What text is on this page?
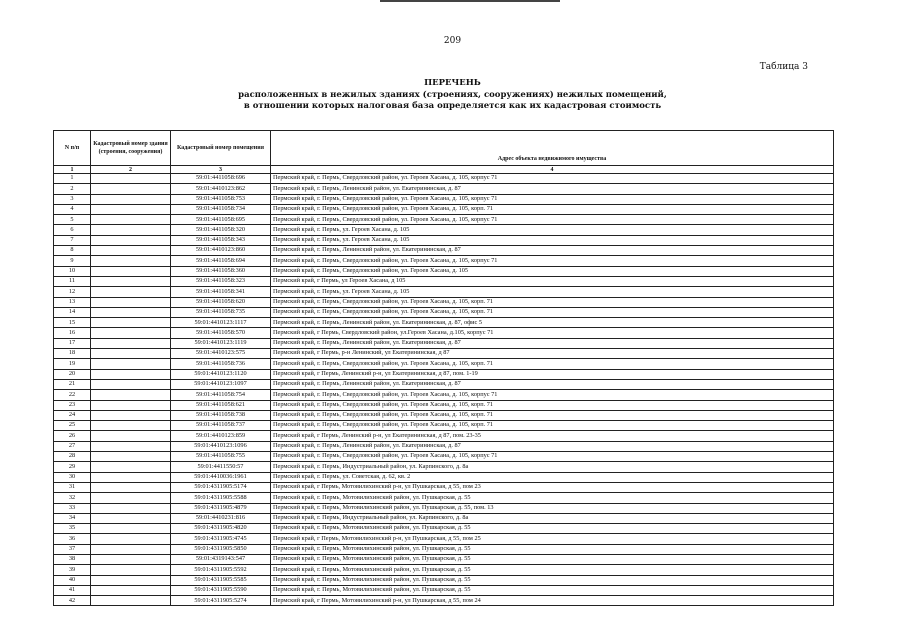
209
Таблица 3
ПЕРЕЧЕНЬ
расположенных в нежилых зданиях (строениях, сооружениях) нежилых помещений,
в отношении которых налоговая база определяется как их кадастровая стоимость
N п/п	Кадастровый номер здания (строения, сооружения)	Кадастровый номер помещения	Адрес объекта недвижимого имущества
1	2	3	4
1		59:01:4411058:696	Пермский край, г. Пермь, Свердловский район, ул. Героев Хасана, д. 105, корпус 71
2		59:01:4410123:862	Пермский край, г. Пермь, Ленинский район, ул. Екатерининская, д. 87
3		59:01:4411058:753	Пермский край, г. Пермь, Свердловский район, ул. Героев Хасана, д. 105, корпус 71
4		59:01:4411058:734	Пермский край, г. Пермь, Свердловский район, ул. Героев Хасана, д. 105, корп. 71
5		59:01:4411058:695	Пермский край, г. Пермь, Свердловский район, ул. Героев Хасана, д. 105, корпус 71
6		59:01:4411058:320	Пермский край, г. Пермь, ул. Героев Хасана, д. 105
7		59:01:4411058:343	Пермский край, г. Пермь, ул. Героев Хасана, д. 105
8		59:01:4410123:860	Пермский край, г. Пермь, Ленинский район, ул. Екатерининская, д. 87
9		59:01:4411058:694	Пермский край, г. Пермь, Свердловский район, ул. Героев Хасана, д. 105, корпус 71
10		59:01:4411058:360	Пермский край, г. Пермь, Свердловский район, ул. Героев Хасана, д. 105
11		59:01:4411058:323	Пермский край, г Пермь, ул Героев Хасана, д 105
12		59:01:4411058:341	Пермский край, г. Пермь, ул. Героев Хасана, д. 105
13		59:01:4411058:620	Пермский край, г. Пермь, Свердловский район, ул. Героев Хасана, д. 105, корп. 71
14		59:01:4411058:735	Пермский край, г. Пермь, Свердловский район, ул. Героев Хасана, д. 105, корп. 71
15		59:01:4410123:1117	Пермский край, г. Пермь, Ленинский район, ул. Екатерининская, д. 87, офис 5
16		59:01:4411058:570	Пермский край, г Пермь, Свердловский район, ул.Героев Хасана, д.105, корпус 71
17		59:01:4410123:1119	Пермский край, г. Пермь, Ленинский район, ул. Екатерининская, д. 87
18		59:01:4410123:575	Пермский край, г Пермь, р-н Ленинский, ул Екатерининская, д 87
19		59:01:4411058:736	Пермский край, г. Пермь, Свердловский район, ул. Героев Хасана, д. 105, корп. 71
20		59:01:4410123:1120	Пермский край, г Пермь, Ленинский р-н, ул Екатерининская, д 87, пом. 1-19
21		59:01:4410123:1097	Пермский край, г. Пермь, Ленинский район, ул. Екатерининская, д. 87
22		59:01:4411058:754	Пермский край, г. Пермь, Свердловский район, ул. Героев Хасана, д. 105, корпус 71
23		59:01:4411058:621	Пермский край, г. Пермь, Свердловский район, ул. Героев Хасана, д. 105, корп. 71
24		59:01:4411058:738	Пермский край, г. Пермь, Свердловский район, ул. Героев Хасана, д. 105, корп. 71
25		59:01:4411058:737	Пермский край, г. Пермь, Свердловский район, ул. Героев Хасана, д. 105, корп. 71
26		59:01:4410123:859	Пермский край, г Пермь, Ленинский р-н, ул Екатерининская, д 87, пом. 23-35
27		59:01:4410123:1096	Пермский край, г. Пермь, Ленинский район, ул. Екатерининская, д. 87
28		59:01:4411058:755	Пермский край, г. Пермь, Свердловский район, ул. Героев Хасана, д. 105, корпус 71
29		59:01:4411550:57	Пермский край, г. Пермь, Индустриальный район, ул. Карпинского, д. 8а
30		59:01:4410036:1961	Пермский край, г. Пермь, ул. Советская, д. 62, кв. 2
31		59:01:4311905:5174	Пермский край, г Пермь, Мотовилихинский р-н, ул Пушкарская, д 55, пом 23
32		59:01:4311905:5588	Пермский край, г. Пермь, Мотовилихинский район, ул. Пушкарская, д. 55
33		59:01:4311905:4879	Пермский край, г. Пермь, Мотовилихинский район, ул. Пушкарская, д. 55, пом. 13
34		59:01:4410231:816	Пермский край, г. Пермь, Индустриальный район, ул. Карпинского, д. 8а
35		59:01:4311905:4820	Пермский край, г. Пермь, Мотовилихинский район, ул. Пушкарская, д. 55
36		59:01:4311905:4745	Пермский край, г Пермь, Мотовилихинский р-н, ул Пушкарская, д 55, пом 25
37		59:01:4311905:5850	Пермский край, г. Пермь, Мотовилихинский район, ул. Пушкарская, д. 55
38		59:01:4319143:547	Пермский край, г. Пермь, Мотовилихинский район, ул. Пушкарская, д. 55
39		59:01:4311905:5592	Пермский край, г. Пермь, Мотовилихинский район, ул. Пушкарская, д. 55
40		59:01:4311905:5585	Пермский край, г. Пермь, Мотовилихинский район, ул. Пушкарская, д. 55
41		59:01:4311905:5590	Пермский край, г. Пермь, Мотовилихинский район, ул. Пушкарская, д. 55
42		59:01:4311905:5274	Пермский край, г Пермь, Мотовилихинский р-н, ул Пушкарская, д 55, пом 24
